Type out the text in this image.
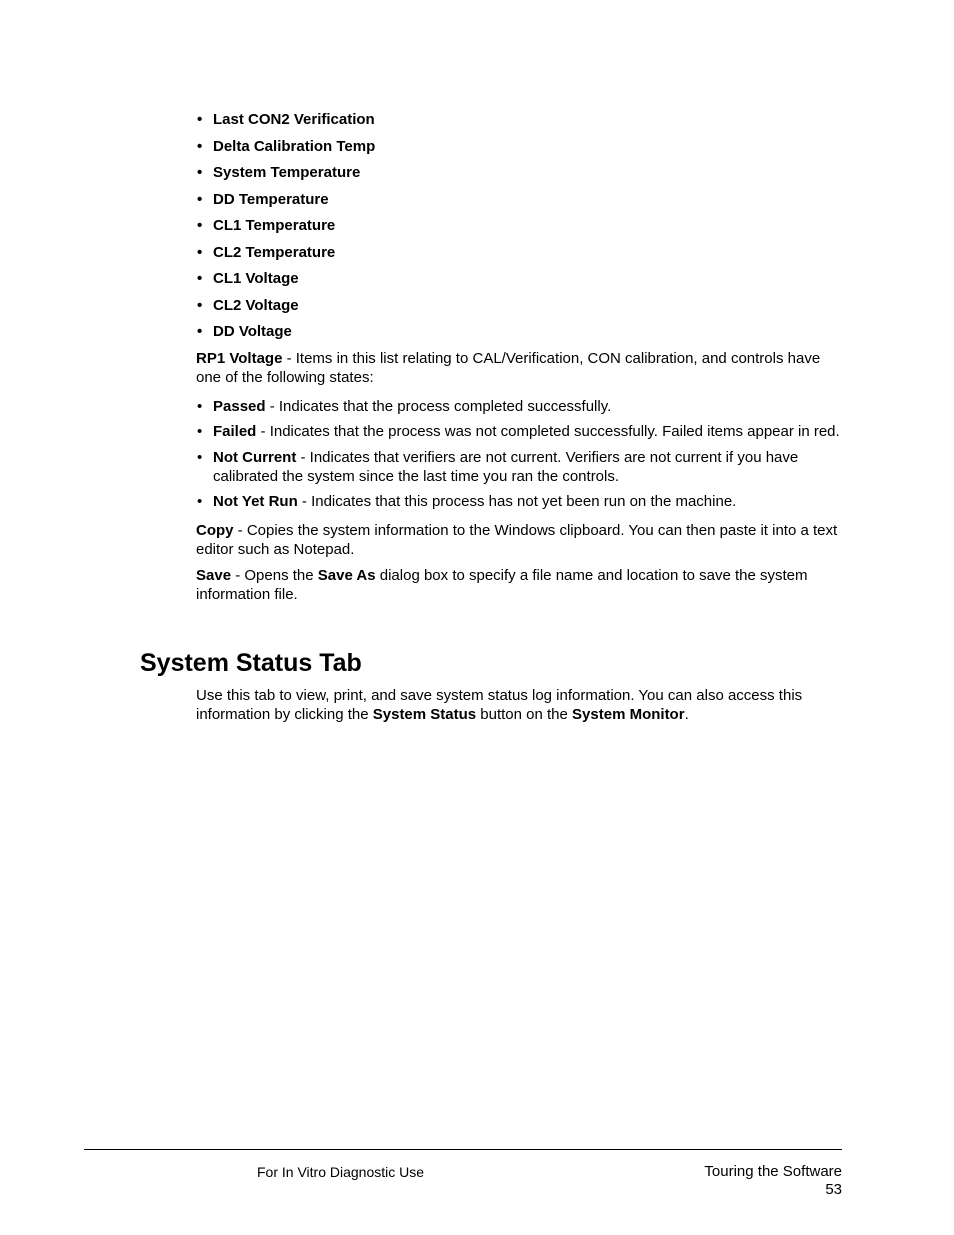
• Last CON2 Verification
• Delta Calibration Temp
• System Temperature
• DD Temperature
• CL1 Temperature
• CL2 Temperature
• CL1 Voltage
• CL2 Voltage
• DD Voltage

RP1 Voltage - Items in this list relating to CAL/Verification, CON calibration, and controls have one of the following states:

• Passed - Indicates that the process completed successfully.
• Failed - Indicates that the process was not completed successfully. Failed items appear in red.
• Not Current - Indicates that verifiers are not current. Verifiers are not current if you have calibrated the system since the last time you ran the controls.
• Not Yet Run - Indicates that this process has not yet been run on the machine.

Copy - Copies the system information to the Windows clipboard. You can then paste it into a text editor such as Notepad.

Save - Opens the Save As dialog box to specify a file name and location to save the system information file.

System Status Tab
Use this tab to view, print, and save system status log information. You can also access this information by clicking the System Status button on the System Monitor.
For In Vitro Diagnostic Use	Touring the Software
53
